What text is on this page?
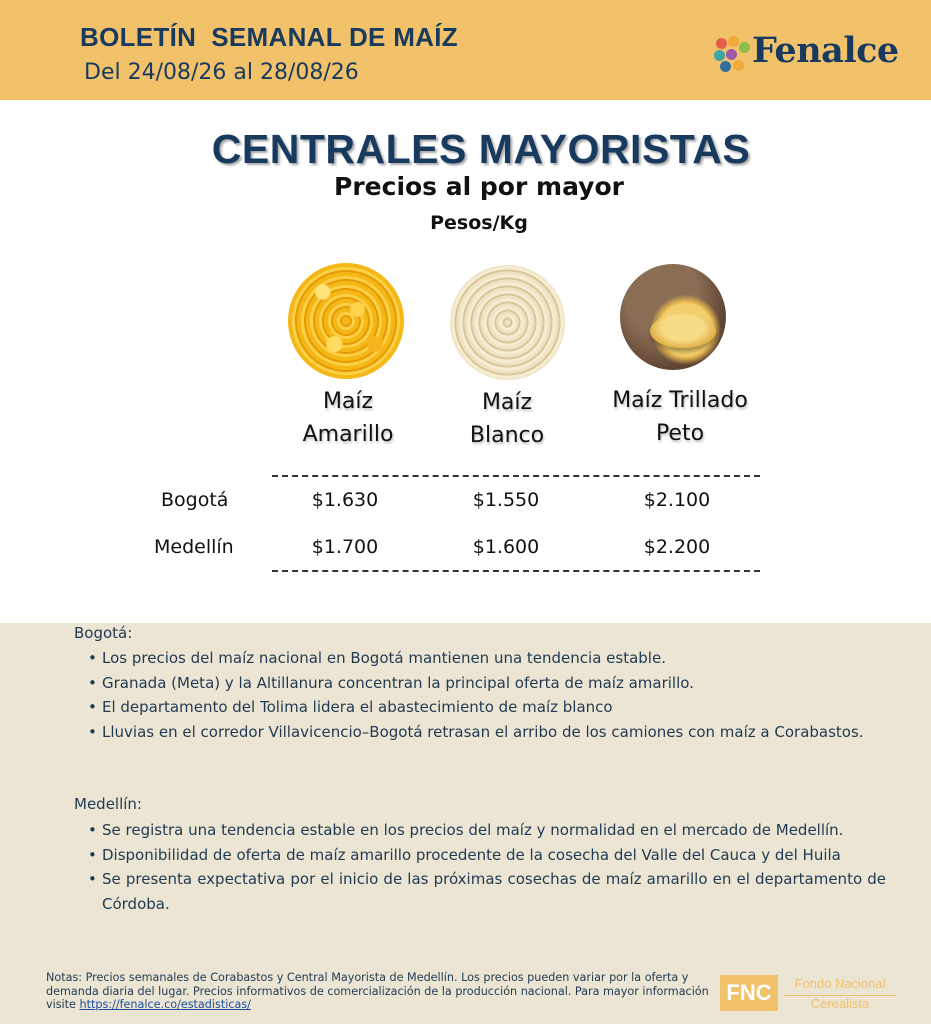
BOLETÍN  SEMANAL DE MAÍZ
Del 24/08/26 al 28/08/26
Fenalce
CENTRALES MAYORISTAS
Precios al por mayor
Pesos/Kg
Maíz
Amarillo
Maíz
Blanco
Maíz Trillado
Peto
Bogotá	$1.630	$1.550	$2.100
Medellín	$1.700	$1.600	$2.200
Bogotá:
• Los precios del maíz nacional en Bogotá mantienen una tendencia estable.
• Granada (Meta) y la Altillanura concentran la principal oferta de maíz amarillo.
• El departamento del Tolima lidera el abastecimiento de maíz blanco
• Lluvias en el corredor Villavicencio–Bogotá retrasan el arribo de los camiones con maíz a Corabastos.
Medellín:
• Se registra una tendencia estable en los precios del maíz y normalidad en el mercado de Medellín.
• Disponibilidad de oferta de maíz amarillo procedente de la cosecha del Valle del Cauca y del Huila
• Se presenta expectativa por el inicio de las próximas cosechas de maíz amarillo en el departamento de Córdoba.
Notas: Precios semanales de Corabastos y Central Mayorista de Medellín. Los precios pueden variar por la oferta y demanda diaria del lugar. Precios informativos de comercialización de la producción nacional. Para mayor información visite https://fenalce.co/estadisticas/	FNC	Fondo Nacional
Cerealista
